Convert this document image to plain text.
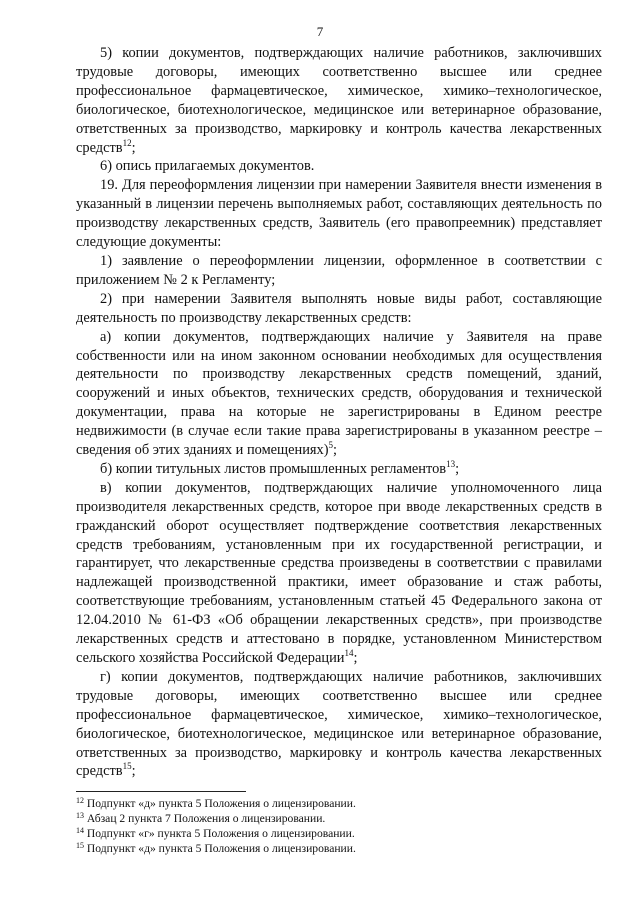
7

5) копии документов, подтверждающих наличие работников, заключивших трудовые договоры, имеющих соответственно высшее или среднее профессиональное фармацевтическое, химическое, химико–технологическое, биологическое, биотехнологическое, медицинское или ветеринарное образование, ответственных за производство, маркировку и контроль качества лекарственных средств$^{12}$;

6) опись прилагаемых документов.

19. Для переоформления лицензии при намерении Заявителя внести изменения в указанный в лицензии перечень выполняемых работ, составляющих деятельность по производству лекарственных средств, Заявитель (его правопреемник) представляет следующие документы:

1) заявление о переоформлении лицензии, оформленное в соответствии с приложением № 2 к Регламенту;

2) при намерении Заявителя выполнять новые виды работ, составляющие деятельность по производству лекарственных средств:

а) копии документов, подтверждающих наличие у Заявителя на праве собственности или на ином законном основании необходимых для осуществления деятельности по производству лекарственных средств помещений, зданий, сооружений и иных объектов, технических средств, оборудования и технической документации, права на которые не зарегистрированы в Едином реестре недвижимости (в случае если такие права зарегистрированы в указанном реестре – сведения об этих зданиях и помещениях)$^5$;

б) копии титульных листов промышленных регламентов$^{13}$;

в) копии документов, подтверждающих наличие уполномоченного лица производителя лекарственных средств, которое при вводе лекарственных средств в гражданский оборот осуществляет подтверждение соответствия лекарственных средств требованиям, установленным при их государственной регистрации, и гарантирует, что лекарственные средства произведены в соответствии с правилами надлежащей производственной практики, имеет образование и стаж работы, соответствующие требованиям, установленным статьей 45 Федерального закона от 12.04.2010 № 61-ФЗ «Об обращении лекарственных средств», при производстве лекарственных средств и аттестовано в порядке, установленном Министерством сельского хозяйства Российской Федерации$^{14}$;

г) копии документов, подтверждающих наличие работников, заключивших трудовые договоры, имеющих соответственно высшее или среднее профессиональное фармацевтическое, химическое, химико–технологическое, биологическое, биотехнологическое, медицинское или ветеринарное образование, ответственных за производство, маркировку и контроль качества лекарственных средств$^{15}$;

$^{12}$ Подпункт «д» пункта 5 Положения о лицензировании.

$^{13}$ Абзац 2 пункта 7 Положения о лицензировании.

$^{14}$ Подпункт «г» пункта 5 Положения о лицензировании.

$^{15}$ Подпункт «д» пункта 5 Положения о лицензировании.
